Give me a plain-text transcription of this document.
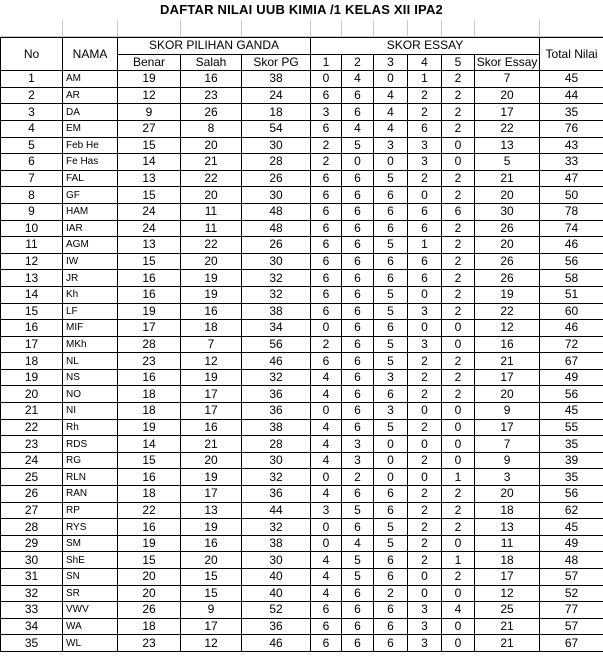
DAFTAR NILAI UUB KIMIA /1 KELAS XII IPA2
No	NAMA	SKOR PILIHAN GANDA			SKOR ESSAY						Total Nilai
		Benar	Salah	Skor PG	1	2	3	4	5	Skor Essay	
1	AM	19	16	38	0	4	0	1	2	7	45
2	AR	12	23	24	6	6	4	2	2	20	44
3	DA	9	26	18	3	6	4	2	2	17	35
4	EM	27	8	54	6	4	4	6	2	22	76
5	Feb He	15	20	30	2	5	3	3	0	13	43
6	Fe Has	14	21	28	2	0	0	3	0	5	33
7	FAL	13	22	26	6	6	5	2	2	21	47
8	GF	15	20	30	6	6	6	0	2	20	50
9	HAM	24	11	48	6	6	6	6	6	30	78
10	IAR	24	11	48	6	6	6	6	2	26	74
11	AGM	13	22	26	6	6	5	1	2	20	46
12	IW	15	20	30	6	6	6	6	2	26	56
13	JR	16	19	32	6	6	6	6	2	26	58
14	Kh	16	19	32	6	6	5	0	2	19	51
15	LF	19	16	38	6	6	5	3	2	22	60
16	MIF	17	18	34	0	6	6	0	0	12	46
17	MKh	28	7	56	2	6	5	3	0	16	72
18	NL	23	12	46	6	6	5	2	2	21	67
19	NS	16	19	32	4	6	3	2	2	17	49
20	NO	18	17	36	4	6	6	2	2	20	56
21	NI	18	17	36	0	6	3	0	0	9	45
22	Rh	19	16	38	4	6	5	2	0	17	55
23	RDS	14	21	28	4	3	0	0	0	7	35
24	RG	15	20	30	4	3	0	2	0	9	39
25	RLN	16	19	32	0	2	0	0	1	3	35
26	RAN	18	17	36	4	6	6	2	2	20	56
27	RP	22	13	44	3	5	6	2	2	18	62
28	RYS	16	19	32	0	6	5	2	2	13	45
29	SM	19	16	38	0	4	5	2	0	11	49
30	ShE	15	20	30	4	5	6	2	1	18	48
31	SN	20	15	40	4	5	6	0	2	17	57
32	SR	20	15	40	4	6	2	0	0	12	52
33	VWV	26	9	52	6	6	6	3	4	25	77
34	WA	18	17	36	6	6	6	3	0	21	57
35	WL	23	12	46	6	6	6	3	0	21	67
